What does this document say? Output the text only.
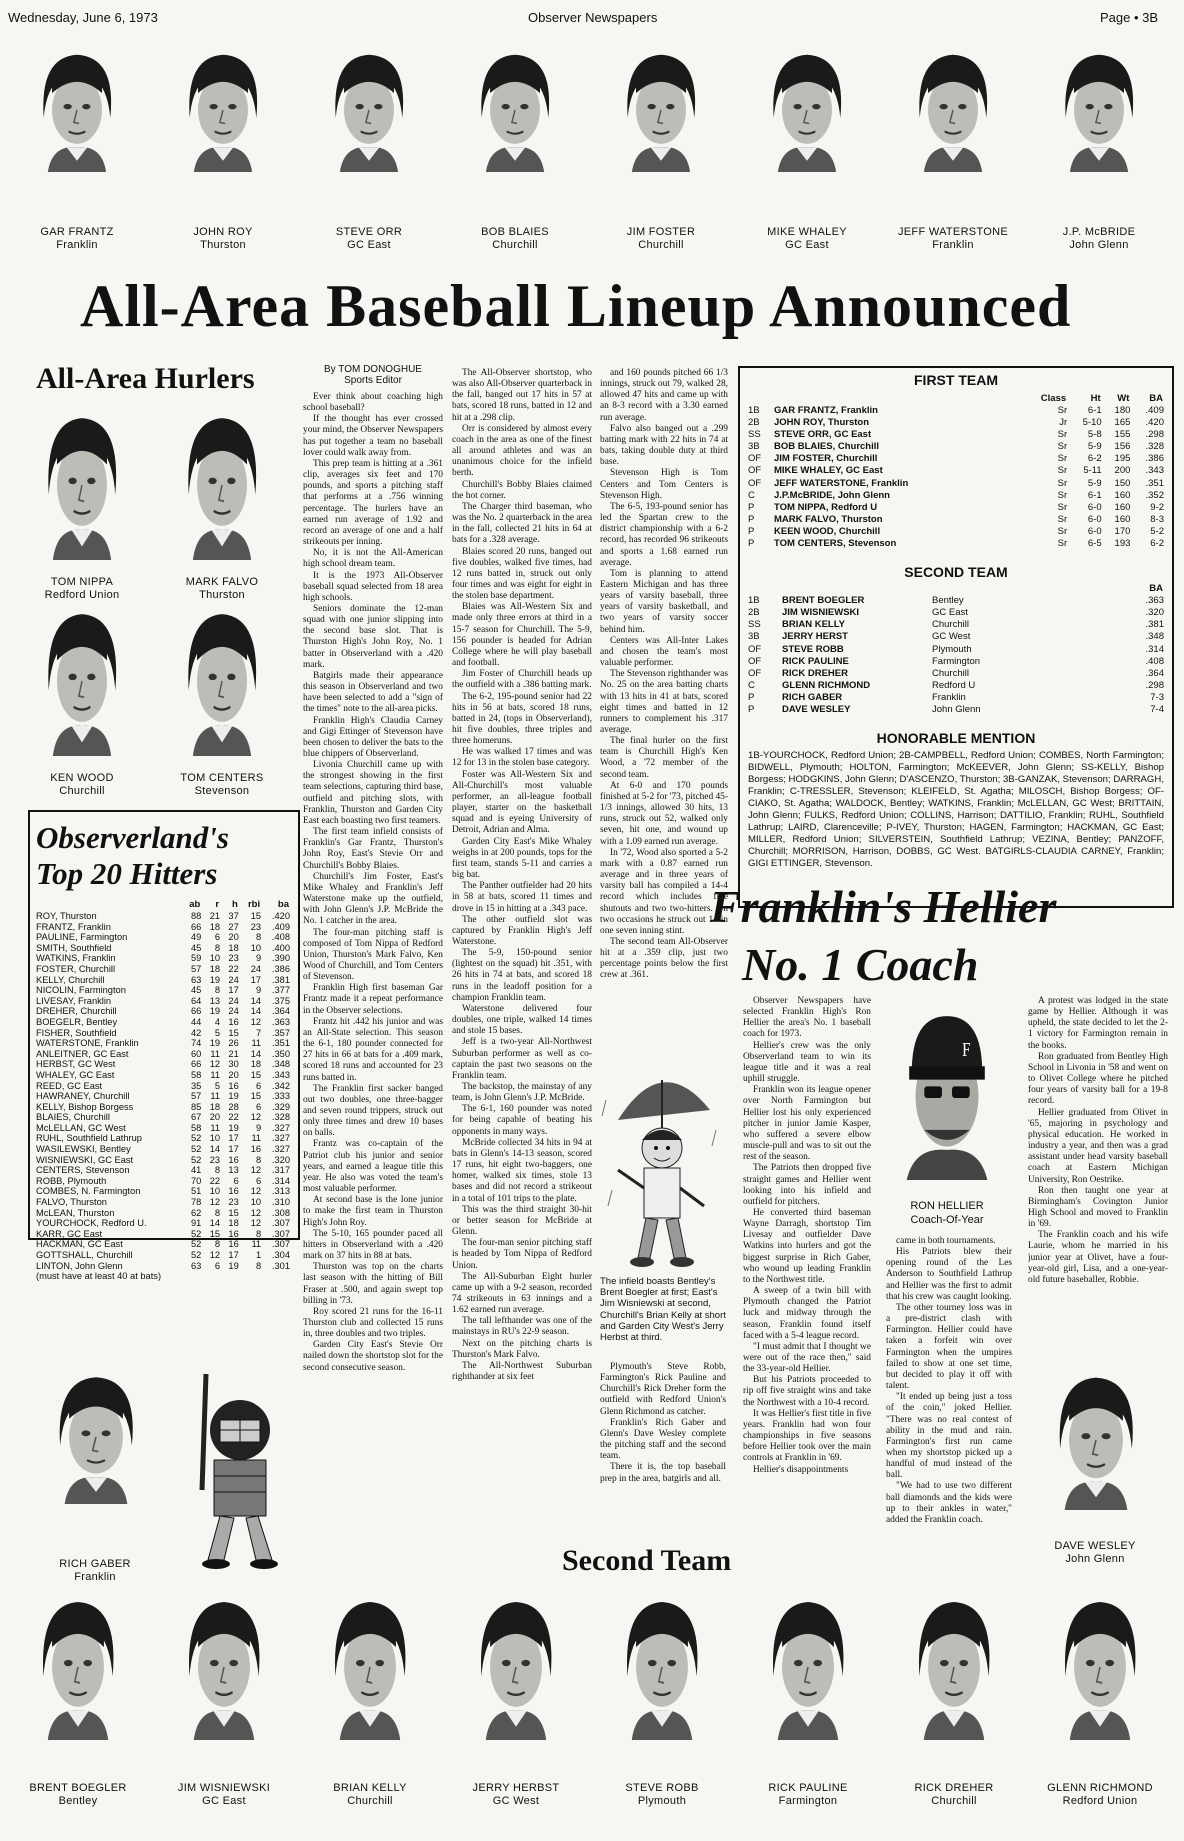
Wednesday, June 6, 1973	Observer Newspapers	Page • 3B
GAR FRANTZ
Franklin
JOHN ROY
Thurston
STEVE ORR
GC East
BOB BLAIES
Churchill
JIM FOSTER
Churchill
MIKE WHALEY
GC East
JEFF WATERSTONE
Franklin
J.P. McBRIDE
John Glenn
All-Area Baseball Lineup Announced
All-Area Hurlers
TOM NIPPA
Redford Union
MARK FALVO
Thurston
KEN WOOD
Churchill
TOM CENTERS
Stevenson
Observerland's
Top 20 Hitters
	ab	r	h	rbi	ba
ROY, Thurston	88	21	37	15	.420
FRANTZ, Franklin	66	18	27	23	.409
PAULINE, Farmington	49	6	20	8	.408
SMITH, Southfield	45	8	18	10	.400
WATKINS, Franklin	59	10	23	9	.390
FOSTER, Churchill	57	18	22	24	.386
KELLY, Churchill	63	19	24	17	.381
NICOLIN, Farmington	45	8	17	9	.377
LIVESAY, Franklin	64	13	24	14	.375
DREHER, Churchill	66	19	24	14	.364
BOEGELR, Bentley	44	4	16	12	.363
FISHER, Southfield	42	5	15	7	.357
WATERSTONE, Franklin	74	19	26	11	.351
ANLEITNER, GC East	60	11	21	14	.350
HERBST, GC West	66	12	30	18	.348
WHALEY, GC East	58	11	20	15	.343
REED, GC East	35	5	16	6	.342
HAWRANEY, Churchill	57	11	19	15	.333
KELLY, Bishop Borgess	85	18	28	6	.329
BLAIES, Churchill	67	20	22	12	.328
McLELLAN, GC West	58	11	19	9	.327
RUHL, Southfield Lathrup	52	10	17	11	.327
WASILEWSKI, Bentley	52	14	17	16	.327
WISNIEWSKI, GC East	52	23	16	8	.320
CENTERS, Stevenson	41	8	13	12	.317
ROBB, Plymouth	70	22	6	6	.314
COMBES, N. Farmington	51	10	16	12	.313
FALVO, Thurston	78	12	23	10	.310
McLEAN, Thurston	62	8	15	12	.308
YOURCHOCK, Redford U.	91	14	18	12	.307
KARR, GC East	52	15	16	8	.307
HACKMAN, GC East	52	8	16	11	.307
GOTTSHALL, Churchill	52	12	17	1	.304
LINTON, John Glenn	63	6	19	8	.301
(must have at least 40 at bats)
By TOM DONOGHUE
Sports Editor

Ever think about coaching high school baseball?

If the thought has ever crossed your mind, the Observer Newspapers has put together a team no baseball lover could walk away from.

This prep team is hitting at a .361 clip, averages six feet and 170 pounds, and sports a pitching staff that performs at a .756 winning percentage. The hurlers have an earned run average of 1.92 and record an average of one and a half strikeouts per inning.

No, it is not the All-American high school dream team.

It is the 1973 All-Observer baseball squad selected from 18 area high schools.

Seniors dominate the 12-man squad with one junior slipping into the second base slot. That is Thurston High's John Roy, No. 1 batter in Observerland with a .420 mark.

Batgirls made their appearance this season in Observerland and two have been selected to add a "sign of the times" note to the all-area picks.

Franklin High's Claudia Carney and Gigi Ettinger of Stevenson have been chosen to deliver the bats to the blue chippers of Observerland.

Livonia Churchill came up with the strongest showing in the first team selections, capturing third base, outfield and pitching slots, with Franklin, Thurston and Garden City East each boasting two first teamers.

The first team infield consists of Franklin's Gar Frantz, Thurston's John Roy, East's Stevie Orr and Churchill's Bobby Blaies.

Churchill's Jim Foster, East's Mike Whaley and Franklin's Jeff Waterstone make up the outfield, with John Glenn's J.P. McBride the No. 1 catcher in the area.

The four-man pitching staff is composed of Tom Nippa of Redford Union, Thurston's Mark Falvo, Ken Wood of Churchill, and Tom Centers of Stevenson.

Franklin High first baseman Gar Frantz made it a repeat performance in the Observer selections.

Frantz hit .442 his junior and was an All-State selection. This season the 6-1, 180 pounder connected for 27 hits in 66 at bats for a .409 mark, scored 18 runs and accounted for 23 runs batted in.

The Franklin first sacker banged out two doubles, one three-bagger and seven round trippers, struck out only three times and drew 10 bases on balls.

Frantz was co-captain of the Patriot club his junior and senior years, and earned a league title this year. He also was voted the team's most valuable performer.

At second base is the lone junior to make the first team in Thurston High's John Roy.

The 5-10, 165 pounder paced all hitters in Observerland with a .420 mark on 37 hits in 88 at bats.

Thurston was top on the charts last season with the hitting of Bill Fraser at .500, and again swept top billing in '73.

Roy scored 21 runs for the 16-11 Thurston club and collected 15 runs in, three doubles and two triples.

Garden City East's Stevie Orr nailed down the shortstop slot for the second consecutive season.

The All-Observer shortstop, who was also All-Observer quarterback in the fall, banged out 17 hits in 57 at bats, scored 18 runs, batted in 12 and hit at a .298 clip.

Orr is considered by almost every coach in the area as one of the finest all around athletes and was an unanimous choice for the infield berth.

Churchill's Bobby Blaies claimed the hot corner.

The Charger third baseman, who was the No. 2 quarterback in the area in the fall, collected 21 hits in 64 at bats for a .328 average.

Blaies scored 20 runs, banged out five doubles, walked five times, had 12 runs batted in, struck out only four times and was eight for eight in the stolen base department.

Blaies was All-Western Six and made only three errors at third in a 15-7 season for Churchill. The 5-9, 156 pounder is headed for Adrian College where he will play baseball and football.

Jim Foster of Churchill heads up the outfield with a .386 batting mark.

The 6-2, 195-pound senior had 22 hits in 56 at bats, scored 18 runs, batted in 24, (tops in Observerland), hit five doubles, three triples and three homeruns.

He was walked 17 times and was 12 for 13 in the stolen base category.

Foster was All-Western Six and All-Churchill's most valuable performer, an all-league football player, starter on the basketball squad and is eyeing University of Detroit, Adrian and Alma.

Garden City East's Mike Whaley weighs in at 200 pounds, tops for the first team, stands 5-11 and carries a big bat.

The Panther outfielder had 20 hits in 58 at bats, scored 11 times and drove in 15 in hitting at a .343 pace.

The other outfield slot was captured by Franklin High's Jeff Waterstone.

The 5-9, 150-pound senior (lightest on the squad) hit .351, with 26 hits in 74 at bats, and scored 18 runs in the leadoff position for a champion Franklin team.

Waterstone delivered four doubles, one triple, walked 14 times and stole 15 bases.

Jeff is a two-year All-Northwest Suburban performer as well as co-captain the past two seasons on the Franklin team.

The backstop, the mainstay of any team, is John Glenn's J.P. McBride.

The 6-1, 160 pounder was noted for being capable of beating his opponents in many ways.

McBride collected 34 hits in 94 at bats in Glenn's 14-13 season, scored 17 runs, hit eight two-baggers, one homer, walked six times, stole 13 bases and did not record a strikeout in a total of 101 trips to the plate.

This was the third straight 30-hit or better season for McBride at Glenn.

The four-man senior pitching staff is headed by Tom Nippa of Redford Union.

The All-Suburban Eight hurler came up with a 9-2 season, recorded 74 strikeouts in 63 innings and a 1.62 earned run average.

The tall lefthander was one of the mainstays in RU's 22-9 season.

Next on the pitching charts is Thurston's Mark Falvo.

The All-Northwest Suburban righthander at six feet

and 160 pounds pitched 66 1/3 innings, struck out 79, walked 28, allowed 47 hits and came up with an 8-3 record with a 3.30 earned run average.

Falvo also banged out a .299 batting mark with 22 hits in 74 at bats, taking double duty at third base.

Stevenson High is Tom Centers and Tom Centers is Stevenson High.

The 6-5, 193-pound senior has led the Spartan crew to the district championship with a 6-2 record, has recorded 96 strikeouts and sports a 1.68 earned run average.

Tom is planning to attend Eastern Michigan and has three years of varsity baseball, three years of varsity basketball, and two years of varsity soccer behind him.

Centers was All-Inter Lakes and chosen the team's most valuable performer.

The Stevenson righthander was No. 25 on the area batting charts with 13 hits in 41 at bats, scored eight times and batted in 12 runners to complement his .317 average.

The final hurler on the first team is Churchill High's Ken Wood, a '72 member of the second team.

At 6-0 and 170 pounds finished at 5-2 for '73, pitched 45-1/3 innings, allowed 30 hits, 13 runs, struck out 52, walked only seven, hit one, and wound up with a 1.09 earned run average.

In '72, Wood also sported a 5-2 mark with a 0.87 earned run average and in three years of varsity ball has compiled a 14-4 record which includes five shutouts and two two-hitters. On two occasions he struck out 14 in one seven inning stint.

The second team All-Observer hit at a .359 clip, just two percentage points below the first crew at .361.

FIRST TEAM
		Class	Ht	Wt	BA
1B	GAR FRANTZ, Franklin	Sr	6-1	180	.409
2B	JOHN ROY, Thurston	Jr	5-10	165	.420
SS	STEVE ORR, GC East	Sr	5-8	155	.298
3B	BOB BLAIES, Churchill	Sr	5-9	156	.328
OF	JIM FOSTER, Churchill	Sr	6-2	195	.386
OF	MIKE WHALEY, GC East	Sr	5-11	200	.343
OF	JEFF WATERSTONE, Franklin	Sr	5-9	150	.351
C	J.P.McBRIDE, John Glenn	Sr	6-1	160	.352
P	TOM NIPPA, Redford U	Sr	6-0	160	9-2
P	MARK FALVO, Thurston	Sr	6-0	160	8-3
P	KEEN WOOD, Churchill	Sr	6-0	170	5-2
P	TOM CENTERS, Stevenson	Sr	6-5	193	6-2
SECOND TEAM
			BA
1B	BRENT BOEGLER	Bentley	.363
2B	JIM WISNIEWSKI	GC East	.320
SS	BRIAN KELLY	Churchill	.381
3B	JERRY HERST	GC West	.348
OF	STEVE ROBB	Plymouth	.314
OF	RICK PAULINE	Farmington	.408
OF	RICK DREHER	Churchill	.364
C	GLENN RICHMOND	Redford U	.298
P	RICH GABER	Franklin	7-3
P	DAVE WESLEY	John Glenn	7-4
HONORABLE MENTION
1B-YOURCHOCK, Redford Union; 2B-CAMPBELL, Redford Union; COMBES, North Farmington; BIDWELL, Plymouth; HOLTON, Farmington; McKEEVER, John Glenn; SS-KELLY, Bishop Borgess; HODGKINS, John Glenn; D'ASCENZO, Thurston; 3B-GANZAK, Stevenson; DARRAGH, Franklin; C-TRESSLER, Stevenson; KLEIFELD, St. Agatha; MILOSCH, Bishop Borgess; OF-CIAKO, St. Agatha; WALDOCK, Bentley; WATKINS, Franklin; McLELLAN, GC West; BRITTAIN, John Glenn; FULKS, Redford Union; COLLINS, Harrison; DATTILIO, Franklin; RUHL, Southfield Lathrup; LAIRD, Clarenceville; P-IVEY, Thurston; HAGEN, Farmington; HACKMAN, GC East; MILLER, Redford Union; SILVERSTEIN, Southfield Lathrup; VEZINA, Bentley; PANZOFF, Churchill; MORRISON, Harrison, DOBBS, GC West. BATGIRLS-CLAUDIA CARNEY, Franklin; GIGI ETTINGER, Stevenson.
Franklin's Hellier
No. 1 Coach
The infield boasts Bentley's Brent Boegler at first; East's Jim Wisniewski at second, Churchill's Brian Kelly at short and Garden City West's Jerry Herbst at third.

Plymouth's Steve Robb, Farmington's Rick Pauline and Churchill's Rick Dreher form the outfield with Redford Union's Glenn Richmond as catcher.

Franklin's Rich Gaber and Glenn's Dave Wesley complete the pitching staff and the second team.

There it is, the top baseball prep in the area, batgirls and all.

Observer Newspapers have selected Franklin High's Ron Hellier the area's No. 1 baseball coach for 1973.

Hellier's crew was the only Observerland team to win its league title and it was a real uphill struggle.

Franklin won its league opener over North Farmington but Hellier lost his only experienced pitcher in junior Jamie Kasper, who suffered a severe elbow muscle-pull and was to sit out the rest of the season.

The Patriots then dropped five straight games and Hellier went looking into his infield and outfield for pitchers.

He converted third baseman Wayne Darragh, shortstop Tim Livesay and outfielder Dave Watkins into hurlers and got the biggest surprise in Rich Gaber, who wound up leading Franklin to the Northwest title.

A sweep of a twin bill with Plymouth changed the Patriot luck and midway through the season, Franklin found itself faced with a 5-4 league record.

"I must admit that I thought we were out of the race then," said the 33-year-old Hellier.

But his Patriots proceeded to rip off five straight wins and take the Northwest with a 10-4 record.

It was Hellier's first title in five years. Franklin had won four championships in five seasons before Hellier took over the main controls at Franklin in '69.

Hellier's disappointments

RON HELLIER
Coach-Of-Year

came in both tournaments.

His Patriots blew their opening round of the Les Anderson to Southfield Lathrup and Hellier was the first to admit that his crew was caught looking.

The other tourney loss was in a pre-district clash with Farmington. Hellier could have taken a forfeit win over Farmington when the umpires failed to show at one set time, but decided to play it off with talent.

"It ended up being just a toss of the coin," joked Hellier. "There was no real contest of ability in the mud and rain. Farmington's first run came when my shortstop picked up a handful of mud instead of the ball.

"We had to use two different ball diamonds and the kids were up to their ankles in water," added the Franklin coach.

A protest was lodged in the state game by Hellier. Although it was upheld, the state decided to let the 2-1 victory for Farmington remain in the books.

Ron graduated from Bentley High School in Livonia in '58 and went on to Olivet College where he pitched four years of varsity ball for a 19-8 record.

Hellier graduated from Olivet in '65, majoring in psychology and physical education. He worked in industry a year, and then was a grad assistant under head varsity baseball coach at Eastern Michigan University, Ron Oestrike.

Ron then taught one year at Birmingham's Covington Junior High School and moved to Franklin in '69.

The Franklin coach and his wife Laurie, whom he married in his junior year at Olivet, have a four-year-old girl, Lisa, and a one-year-old future baseballer, Robbie.

RICH GABER
Franklin
DAVE WESLEY
John Glenn
Second Team
BRENT BOEGLER
Bentley
JIM WISNIEWSKI
GC East
BRIAN KELLY
Churchill
JERRY HERBST
GC West
STEVE ROBB
Plymouth
RICK PAULINE
Farmington
RICK DREHER
Churchill
GLENN RICHMOND
Redford Union
